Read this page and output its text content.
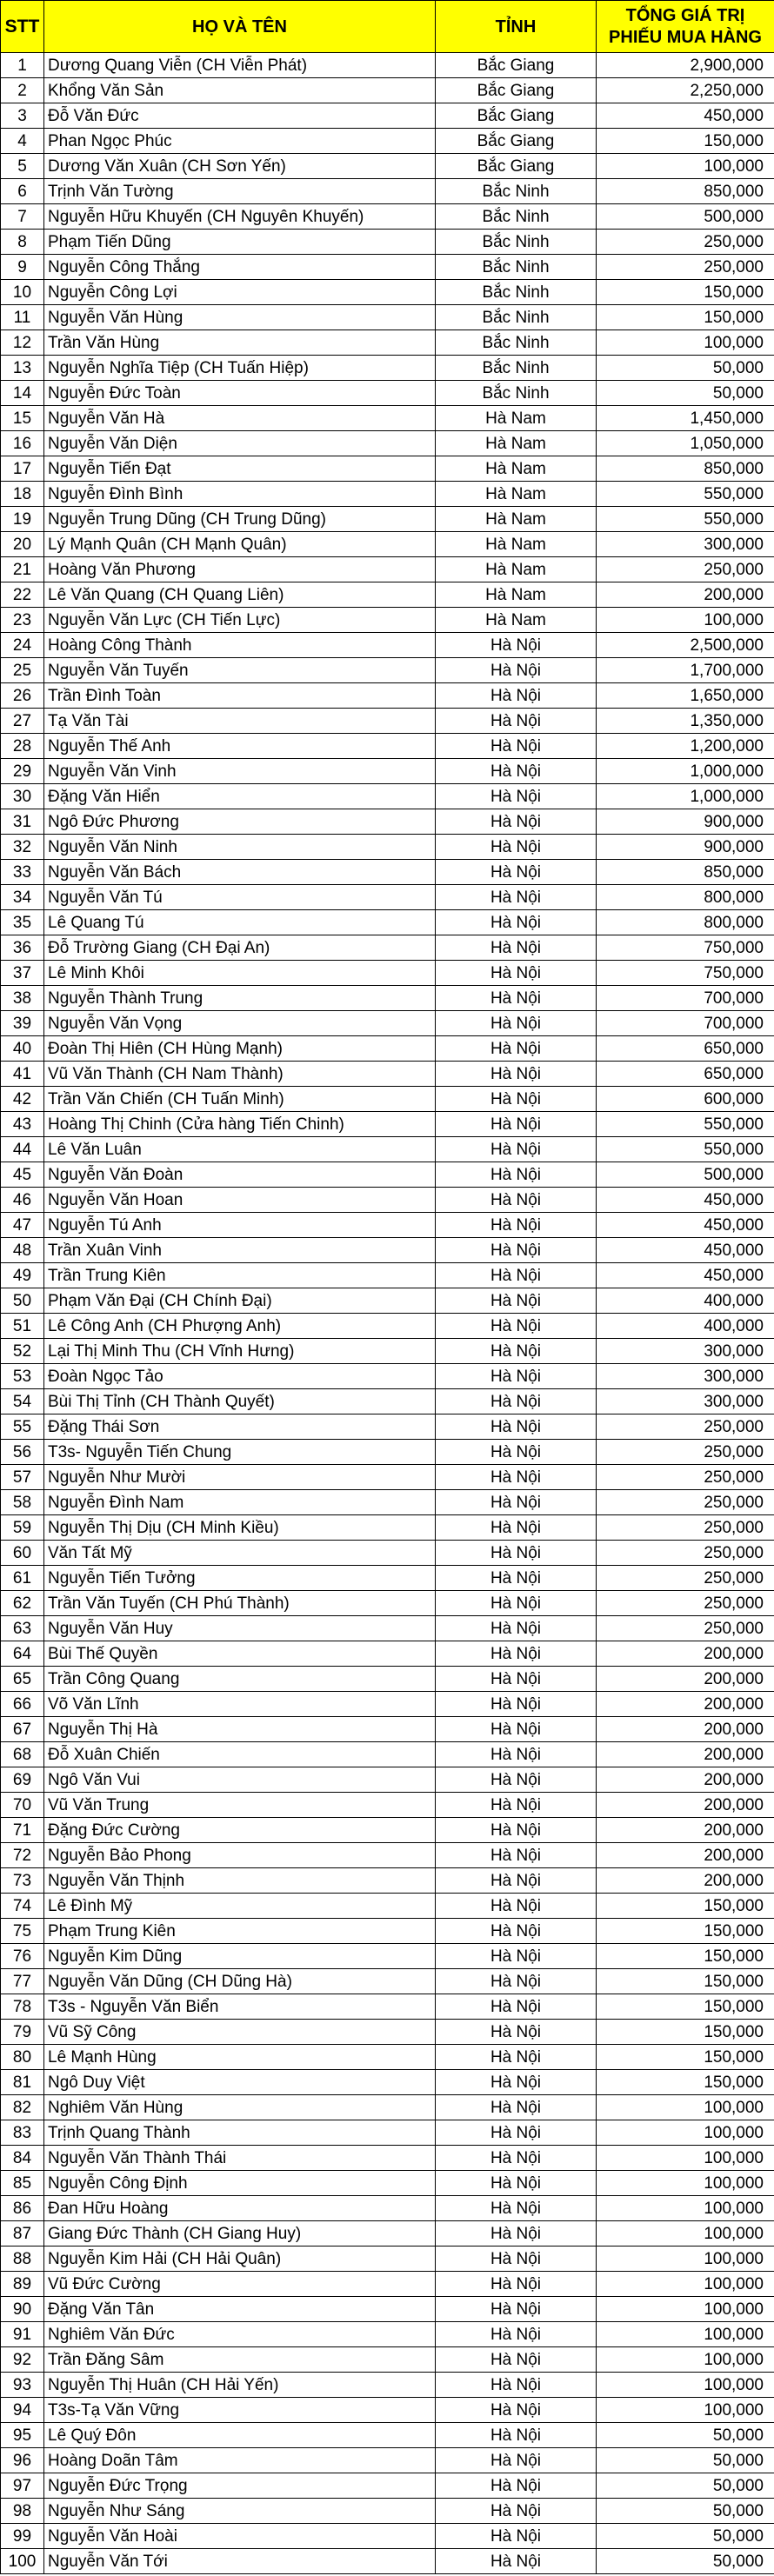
STT	HỌ VÀ TÊN	TỈNH	TỔNG GIÁ TRỊ
PHIẾU MUA HÀNG

1	Dương Quang Viễn (CH Viễn Phát)	Bắc Giang	2,900,000
2	Khổng Văn Sản	Bắc Giang	2,250,000
3	Đỗ Văn Đức	Bắc Giang	450,000
4	Phan Ngọc Phúc	Bắc Giang	150,000
5	Dương Văn Xuân (CH Sơn Yến)	Bắc Giang	100,000
6	Trịnh Văn Tường	Bắc Ninh	850,000
7	Nguyễn Hữu Khuyến (CH Nguyên Khuyến)	Bắc Ninh	500,000
8	Phạm Tiến Dũng	Bắc Ninh	250,000
9	Nguyễn Công Thắng	Bắc Ninh	250,000
10	Nguyễn Công Lợi	Bắc Ninh	150,000
11	Nguyễn Văn Hùng	Bắc Ninh	150,000
12	Trần Văn Hùng	Bắc Ninh	100,000
13	Nguyễn Nghĩa Tiệp (CH Tuấn Hiệp)	Bắc Ninh	50,000
14	Nguyễn Đức Toàn	Bắc Ninh	50,000
15	Nguyễn Văn Hà	Hà Nam	1,450,000
16	Nguyễn Văn Diện	Hà Nam	1,050,000
17	Nguyễn Tiến Đạt	Hà Nam	850,000
18	Nguyễn Đình Bình	Hà Nam	550,000
19	Nguyễn Trung Dũng (CH Trung Dũng)	Hà Nam	550,000
20	Lý Mạnh Quân (CH Mạnh Quân)	Hà Nam	300,000
21	Hoàng Văn Phương	Hà Nam	250,000
22	Lê Văn Quang (CH Quang Liên)	Hà Nam	200,000
23	Nguyễn Văn Lực (CH Tiến Lực)	Hà Nam	100,000
24	Hoàng Công Thành	Hà Nội	2,500,000
25	Nguyễn Văn Tuyến	Hà Nội	1,700,000
26	Trần Đình Toàn	Hà Nội	1,650,000
27	Tạ Văn Tài	Hà Nội	1,350,000
28	Nguyễn Thế Anh	Hà Nội	1,200,000
29	Nguyễn Văn Vinh	Hà Nội	1,000,000
30	Đặng Văn Hiển	Hà Nội	1,000,000
31	Ngô Đức Phương	Hà Nội	900,000
32	Nguyễn Văn Ninh	Hà Nội	900,000
33	Nguyễn Văn Bách	Hà Nội	850,000
34	Nguyễn Văn Tú	Hà Nội	800,000
35	Lê Quang Tú	Hà Nội	800,000
36	Đỗ Trường Giang (CH Đại An)	Hà Nội	750,000
37	Lê Minh Khôi	Hà Nội	750,000
38	Nguyễn Thành Trung	Hà Nội	700,000
39	Nguyễn Văn Vọng	Hà Nội	700,000
40	Đoàn Thị Hiên (CH Hùng Mạnh)	Hà Nội	650,000
41	Vũ Văn Thành (CH Nam Thành)	Hà Nội	650,000
42	Trần Văn Chiến (CH Tuấn Minh)	Hà Nội	600,000
43	Hoàng Thị Chinh (Cửa hàng Tiến Chinh)	Hà Nội	550,000
44	Lê Văn Luân	Hà Nội	550,000
45	Nguyễn Văn Đoàn	Hà Nội	500,000
46	Nguyễn Văn Hoan	Hà Nội	450,000
47	Nguyễn Tú Anh	Hà Nội	450,000
48	Trần Xuân Vinh	Hà Nội	450,000
49	Trần Trung Kiên	Hà Nội	450,000
50	Phạm Văn Đại (CH Chính Đại)	Hà Nội	400,000
51	Lê Công Anh (CH Phượng Anh)	Hà Nội	400,000
52	Lại Thị Minh Thu (CH Vĩnh Hưng)	Hà Nội	300,000
53	Đoàn Ngọc Tảo	Hà Nội	300,000
54	Bùi Thị Tỉnh (CH Thành Quyết)	Hà Nội	300,000
55	Đặng Thái Sơn	Hà Nội	250,000
56	T3s- Nguyễn Tiến Chung	Hà Nội	250,000
57	Nguyễn Như Mười	Hà Nội	250,000
58	Nguyễn Đình Nam	Hà Nội	250,000
59	Nguyễn Thị Dịu (CH Minh Kiều)	Hà Nội	250,000
60	Văn Tất Mỹ	Hà Nội	250,000
61	Nguyễn Tiến Tưởng	Hà Nội	250,000
62	Trần Văn Tuyến (CH Phú Thành)	Hà Nội	250,000
63	Nguyễn Văn Huy	Hà Nội	250,000
64	Bùi Thế Quyền	Hà Nội	200,000
65	Trần Công Quang	Hà Nội	200,000
66	Võ Văn Lĩnh	Hà Nội	200,000
67	Nguyễn Thị Hà	Hà Nội	200,000
68	Đỗ Xuân Chiến	Hà Nội	200,000
69	Ngô Văn Vui	Hà Nội	200,000
70	Vũ Văn Trung	Hà Nội	200,000
71	Đặng Đức Cường	Hà Nội	200,000
72	Nguyễn Bảo Phong	Hà Nội	200,000
73	Nguyễn Văn Thịnh	Hà Nội	200,000
74	Lê Đình Mỹ	Hà Nội	150,000
75	Phạm Trung Kiên	Hà Nội	150,000
76	Nguyễn Kim Dũng	Hà Nội	150,000
77	Nguyễn Văn Dũng (CH Dũng Hà)	Hà Nội	150,000
78	T3s - Nguyễn Văn Biển	Hà Nội	150,000
79	Vũ Sỹ Công	Hà Nội	150,000
80	Lê Mạnh Hùng	Hà Nội	150,000
81	Ngô Duy Việt	Hà Nội	150,000
82	Nghiêm Văn Hùng	Hà Nội	100,000
83	Trịnh Quang Thành	Hà Nội	100,000
84	Nguyễn Văn Thành Thái	Hà Nội	100,000
85	Nguyễn Công Định	Hà Nội	100,000
86	Đan Hữu Hoàng	Hà Nội	100,000
87	Giang Đức Thành (CH Giang Huy)	Hà Nội	100,000
88	Nguyễn Kim Hải (CH Hải Quân)	Hà Nội	100,000
89	Vũ Đức Cường	Hà Nội	100,000
90	Đặng Văn Tân	Hà Nội	100,000
91	Nghiêm Văn Đức	Hà Nội	100,000
92	Trần Đăng Sâm	Hà Nội	100,000
93	Nguyễn Thị Huân (CH Hải Yến)	Hà Nội	100,000
94	T3s-Tạ Văn Vững	Hà Nội	100,000
95	Lê Quý Đôn	Hà Nội	50,000
96	Hoàng Doãn Tâm	Hà Nội	50,000
97	Nguyễn Đức Trọng	Hà Nội	50,000
98	Nguyễn Như Sáng	Hà Nội	50,000
99	Nguyễn Văn Hoài	Hà Nội	50,000
100	Nguyễn Văn Tới	Hà Nội	50,000
